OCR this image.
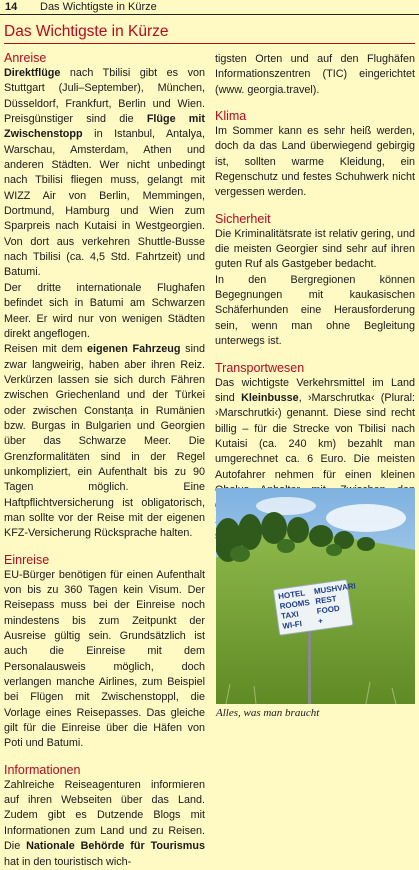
14 Das Wichtigste in Kürze
Das Wichtigste in Kürze
Anreise

Direktflüge nach Tbilisi gibt es von Stuttgart (Juli–September), München, Düsseldorf, Frankfurt, Berlin und Wien. Preisgünstiger sind die Flüge mit Zwischenstopp in Istanbul, Antalya, Warschau, Amsterdam, Athen und anderen Städten. Wer nicht unbedingt nach Tbilisi fliegen muss, gelangt mit WIZZ Air von Berlin, Memmingen, Dortmund, Hamburg und Wien zum Sparpreis nach Kutaisi in Westgeorgien. Von dort aus verkehren Shuttle-Busse nach Tbilisi (ca. 4,5 Std. Fahrtzeit) und Batumi.

Der dritte internationale Flughafen befindet sich in Batumi am Schwarzen Meer. Er wird nur von wenigen Städten direkt angeflogen.

Reisen mit dem eigenen Fahrzeug sind zwar langweirig, haben aber ihren Reiz. Verkürzen lassen sie sich durch Fähren zwischen Griechenland und der Türkei oder zwischen Constanța in Rumänien bzw. Burgas in Bulgarien und Georgien über das Schwarze Meer. Die Grenzformalitäten sind in der Regel unkompliziert, ein Aufenthalt bis zu 90 Tagen möglich. Eine Haftpflichtversicherung ist obligatorisch, man sollte vor der Reise mit der eigenen KFZ-Versicherung Rücksprache halten.

Einreise

EU-Bürger benötigen für einen Aufenthalt von bis zu 360 Tagen kein Visum. Der Reisepass muss bei der Einreise noch mindestens bis zum Zeitpunkt der Ausreise gültig sein. Grundsätzlich ist auch die Einreise mit dem Personalausweis möglich, doch verlangen manche Airlines, zum Beispiel bei Flügen mit Zwischenstoppl, die Vorlage eines Reisepasses. Das gleiche gilt für die Einreise über die Häfen von Poti und Batumi.

Informationen

Zahlreiche Reiseagenturen informieren auf ihren Webseiten über das Land. Zudem gibt es Dutzende Blogs mit Informationen zum Land und zu Reisen. Die Nationale Behörde für Tourismus hat in den touristisch wich-

tigsten Orten und auf den Flughäfen Informationszentren (TIC) eingerichtet (www. georgia.travel).

Klima

Im Sommer kann es sehr heiß werden, doch da das Land überwiegend gebirgig ist, sollten warme Kleidung, ein Regenschutz und festes Schuhwerk nicht vergessen werden.

Sicherheit

Die Kriminalitätsrate ist relativ gering, und die meisten Georgier sind sehr auf ihren guten Ruf als Gastgeber bedacht.

In den Bergregionen können Begegnungen mit kaukasischen Schäferhunden eine Herausforderung sein, wenn man ohne Begleitung unterwegs ist.

Transportwesen

Das wichtigste Verkehrsmittel im Land sind Kleinbusse, ›Marschrutka‹ (Plural: ›Marschrutki‹) genannt. Diese sind recht billig – für die Strecke von Tbilisi nach Kutaisi (ca. 240 km) bezahlt man umgerechnet ca. 6 Euro. Die meisten Autofahrer nehmen für einen kleinen

HOTELROOMSTAXIWI-FI
MUSHVARIRESTFOOD+
Alles, was man braucht
